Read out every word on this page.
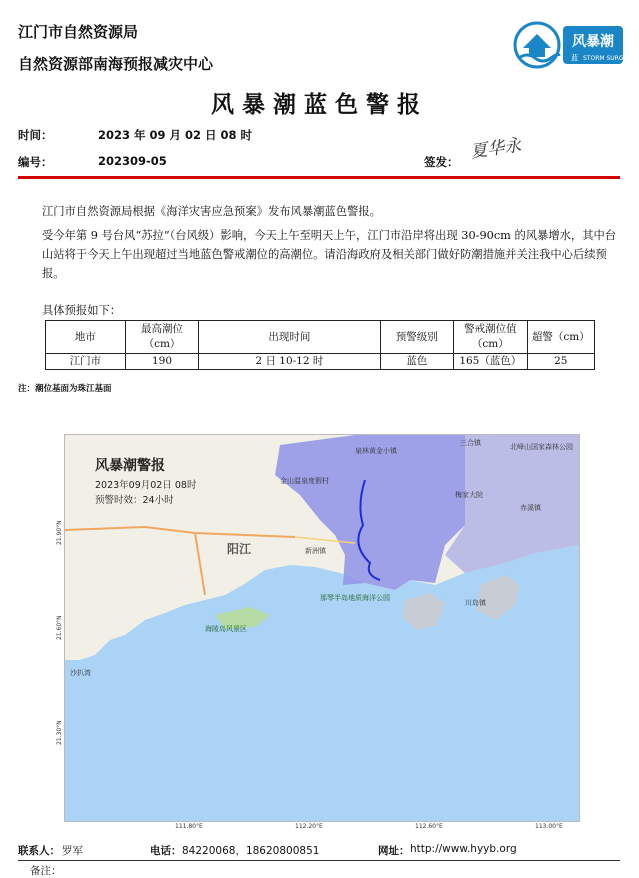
江门市自然资源局
自然资源部南海预报减灾中心
风暴潮
蓝 STORM SURGE
风暴潮蓝色警报
时间：	2023 年 09 月 02 日 08 时
编号：	202309-05	签发： 夏华永

江门市自然资源局根据《海洋灾害应急预案》发布风暴潮蓝色警报。

受今年第 9 号台风“苏拉”（台风级）影响，今天上午至明天上午，江门市沿岸将出现 30-90cm 的风暴增水，其中台山站将于今天上午出现超过当地蓝色警戒潮位的高潮位。请沿海政府及相关部门做好防潮措施并关注我中心后续预报。

具体预报如下：

地市	最高潮位（cm）	出现时间	预警级别	警戒潮位值（cm）	超警（cm）
江门市	190	2 日 10-12 时	蓝色	165（蓝色）	25
注：潮位基面为珠江基面
阳江
金山温泉度假村
泉林黄金小镇
三合镇	北峰山国家森林公园
梅家大院
赤溪镇
那琴半岛地质海洋公园
川岛镇
海陵岛风景区
沙扒湾
新洲镇
风暴潮警报
2023年09月02日 08时
预警时效：24小时
111.80°E	112.20°E	112.60°E	113.00°E
21.90°N
21.60°N
21.30°N
联系人： 罗军	电话： 84220068，18620800851	网址： http://www.hyyb.org
备注：
